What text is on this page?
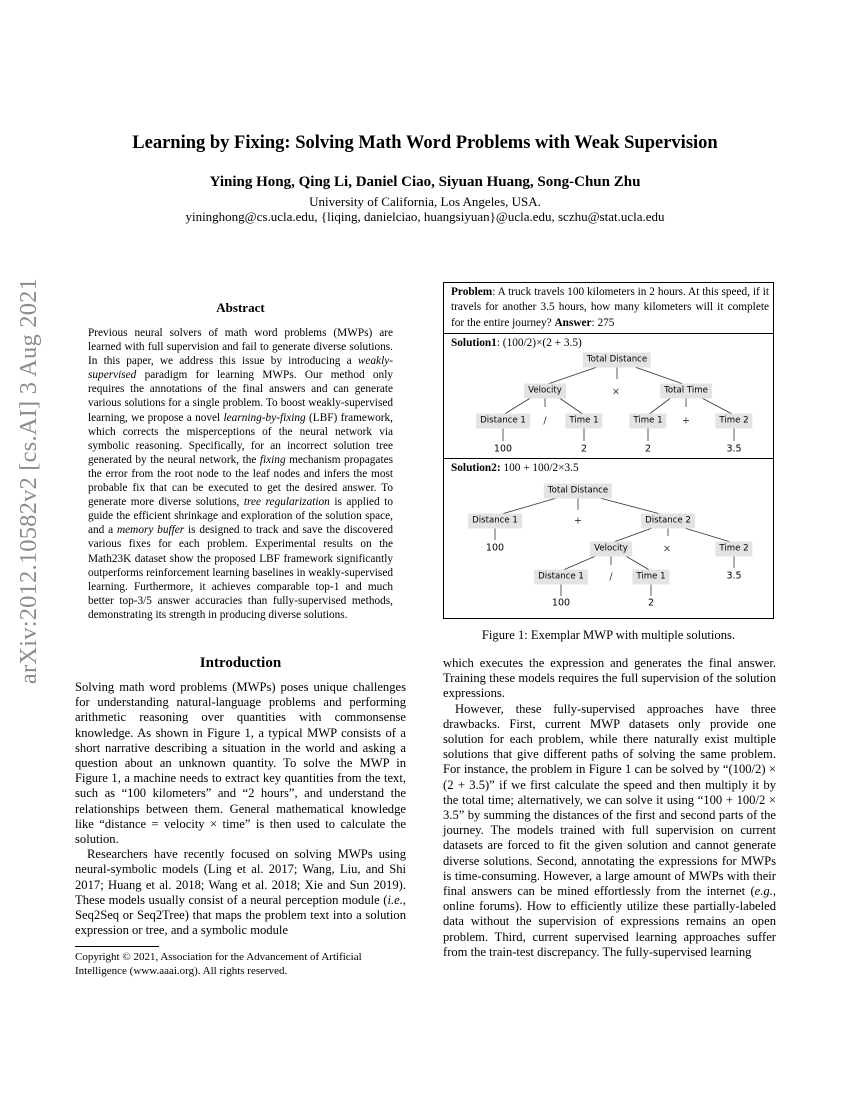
arXiv:2012.10582v2 [cs.AI] 3 Aug 2021
Learning by Fixing: Solving Math Word Problems with Weak Supervision
Yining Hong, Qing Li, Daniel Ciao, Siyuan Huang, Song-Chun Zhu
University of California, Los Angeles, USA.
yininghong@cs.ucla.edu, {liqing, danielciao, huangsiyuan}@ucla.edu, sczhu@stat.ucla.edu
Abstract

Previous neural solvers of math word problems (MWPs) are learned with full supervision and fail to generate diverse solutions. In this paper, we address this issue by introducing a weakly-supervised paradigm for learning MWPs. Our method only requires the annotations of the final answers and can generate various solutions for a single problem. To boost weakly-supervised learning, we propose a novel learning-by-fixing (LBF) framework, which corrects the misperceptions of the neural network via symbolic reasoning. Specifically, for an incorrect solution tree generated by the neural network, the fixing mechanism propagates the error from the root node to the leaf nodes and infers the most probable fix that can be executed to get the desired answer. To generate more diverse solutions, tree regularization is applied to guide the efficient shrinkage and exploration of the solution space, and a memory buffer is designed to track and save the discovered various fixes for each problem. Experimental results on the Math23K dataset show the proposed LBF framework significantly outperforms reinforcement learning baselines in weakly-supervised learning. Furthermore, it achieves comparable top-1 and much better top-3/5 answer accuracies than fully-supervised methods, demonstrating its strength in producing diverse solutions.

Introduction

Solving math word problems (MWPs) poses unique challenges for understanding natural-language problems and performing arithmetic reasoning over quantities with commonsense knowledge. As shown in Figure 1, a typical MWP consists of a short narrative describing a situation in the world and asking a question about an unknown quantity. To solve the MWP in Figure 1, a machine needs to extract key quantities from the text, such as “100 kilometers” and “2 hours”, and understand the relationships between them. General mathematical knowledge like “distance = velocity × time” is then used to calculate the solution.

Researchers have recently focused on solving MWPs using neural-symbolic models (Ling et al. 2017; Wang, Liu, and Shi 2017; Huang et al. 2018; Wang et al. 2018; Xie and Sun 2019). These models usually consist of a neural perception module (i.e., Seq2Seq or Seq2Tree) that maps the problem text into a solution expression or tree, and a symbolic module

Copyright © 2021, Association for the Advancement of Artificial Intelligence (www.aaai.org). All rights reserved.

which executes the expression and generates the final answer. Training these models requires the full supervision of the solution expressions.

However, these fully-supervised approaches have three drawbacks. First, current MWP datasets only provide one solution for each problem, while there naturally exist multiple solutions that give different paths of solving the same problem. For instance, the problem in Figure 1 can be solved by “(100/2) × (2 + 3.5)” if we first calculate the speed and then multiply it by the total time; alternatively, we can solve it using “100 + 100/2 × 3.5” by summing the distances of the first and second parts of the journey. The models trained with full supervision on current datasets are forced to fit the given solution and cannot generate diverse solutions. Second, annotating the expressions for MWPs is time-consuming. However, a large amount of MWPs with their final answers can be mined effortlessly from the internet (e.g., online forums). How to efficiently utilize these partially-labeled data without the supervision of expressions remains an open problem. Third, current supervised learning approaches suffer from the train-test discrepancy. The fully-supervised learning

Problem: A truck travels 100 kilometers in 2 hours. At this speed, if it travels for another 3.5 hours, how many kilometers will it complete for the entire journey? Answer: 275
Solution1: (100/2)×(2 + 3.5)
Solution2: 100 + 100/2×3.5
Total Distance
Velocity	×	Total Time
Distance 1	/	Time 1	Time 1	+	Time 2
100	2	2	3.5
Total Distance
Distance 1	+	Distance 2
100	Velocity	×	Time 2
Distance 1	/	Time 1	3.5
100	2
Figure 1: Exemplar MWP with multiple solutions.
